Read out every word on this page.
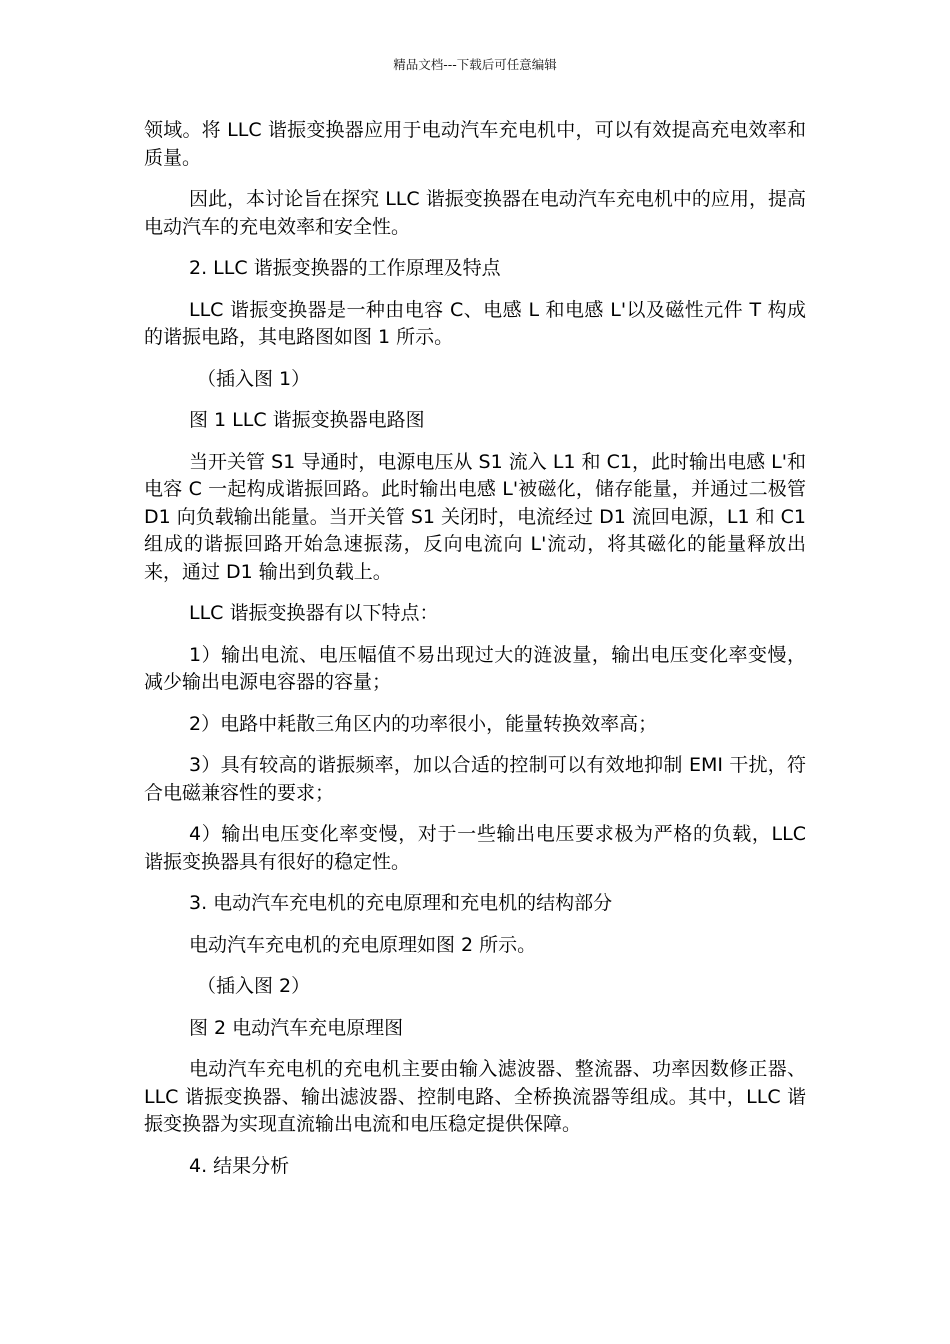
精品文档---下载后可任意编辑

领域。将 LLC 谐振变换器应用于电动汽车充电机中，可以有效提高充电效率和质量。

因此，本讨论旨在探究 LLC 谐振变换器在电动汽车充电机中的应用，提高电动汽车的充电效率和安全性。

2. LLC 谐振变换器的工作原理及特点

LLC 谐振变换器是一种由电容 C、电感 L 和电感 L'以及磁性元件 T 构成的谐振电路，其电路图如图 1 所示。

（插入图 1）

图 1 LLC 谐振变换器电路图

当开关管 S1 导通时，电源电压从 S1 流入 L1 和 C1，此时输出电感 L'和电容 C 一起构成谐振回路。此时输出电感 L'被磁化，储存能量，并通过二极管 D1 向负载输出能量。当开关管 S1 关闭时，电流经过 D1 流回电源，L1 和 C1 组成的谐振回路开始急速振荡，反向电流向 L'流动，将其磁化的能量释放出来，通过 D1 输出到负载上。

LLC 谐振变换器有以下特点：

1）输出电流、电压幅值不易出现过大的涟波量，输出电压变化率变慢，减少输出电源电容器的容量；

2）电路中耗散三角区内的功率很小，能量转换效率高；

3）具有较高的谐振频率，加以合适的控制可以有效地抑制 EMI 干扰，符合电磁兼容性的要求；

4）输出电压变化率变慢，对于一些输出电压要求极为严格的负载，LLC 谐振变换器具有很好的稳定性。

3. 电动汽车充电机的充电原理和充电机的结构部分

电动汽车充电机的充电原理如图 2 所示。

（插入图 2）

图 2 电动汽车充电原理图

电动汽车充电机的充电机主要由输入滤波器、整流器、功率因数修正器、LLC 谐振变换器、输出滤波器、控制电路、全桥换流器等组成。其中，LLC 谐振变换器为实现直流输出电流和电压稳定提供保障。

4. 结果分析
